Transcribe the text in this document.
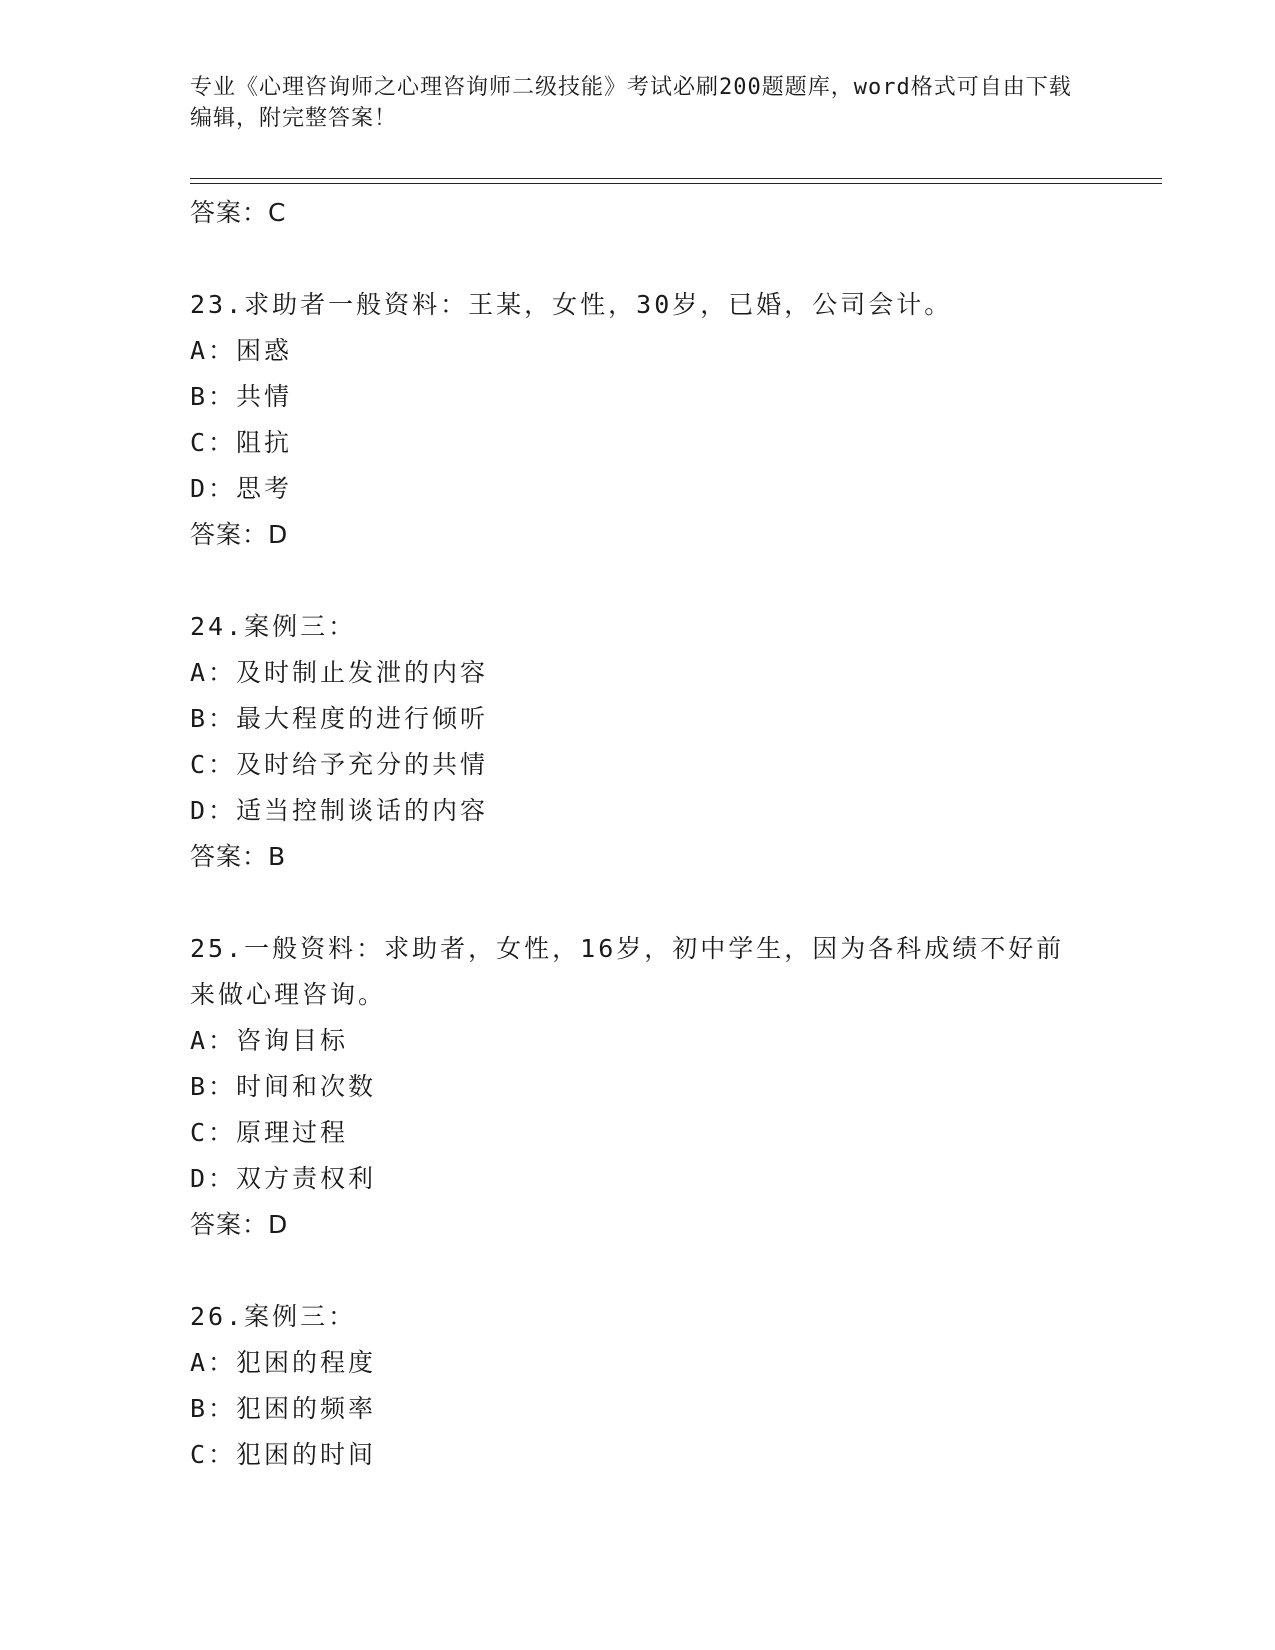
专业《心理咨询师之心理咨询师二级技能》考试必刷200题题库，word格式可自由下载编辑，附完整答案！
答案：C
23.求助者一般资料：王某，女性，30岁，已婚，公司会计。
A：困惑
B：共情
C：阻抗
D：思考
答案：D
24.案例三：
A：及时制止发泄的内容
B：最大程度的进行倾听
C：及时给予充分的共情
D：适当控制谈话的内容
答案：B
25.一般资料：求助者，女性，16岁，初中学生，因为各科成绩不好前来做心理咨询。
A：咨询目标
B：时间和次数
C：原理过程
D：双方责权利
答案：D
26.案例三：
A：犯困的程度
B：犯困的频率
C：犯困的时间
